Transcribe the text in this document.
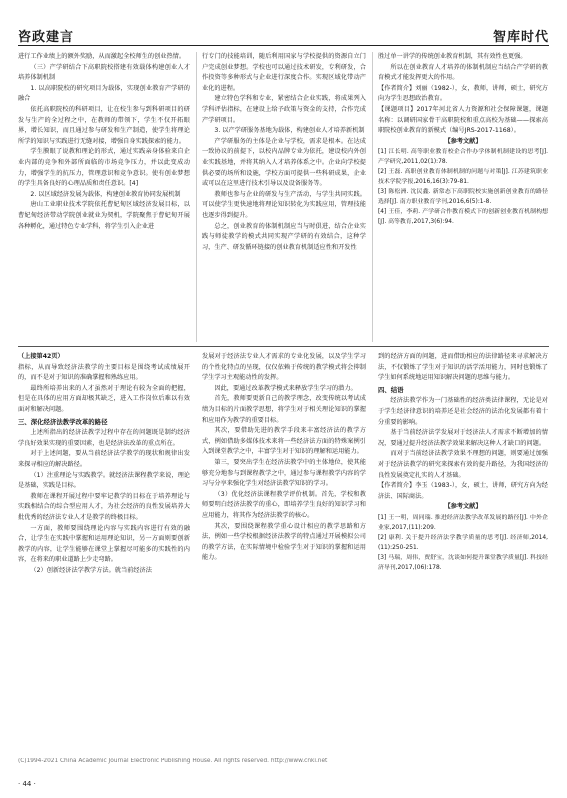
咨政建言	智库时代

进行工作业绩上的额外奖励，从而激起全校师生的创业热情。

（三）产学研结合下高职院校搭建有效载体构建创业人才培养体制机制

1. 以高职院校的研究项目为载体，实现创业教育产学研的融合

依托高职院校的科研项目，让在校生参与到科研项目的研发与生产的全过程之中，在教师的带领下，学生不仅开拓眼界，增长知识，而且通过参与研发和生产制造，使学生将理论所学的知识与实践进行无缝对接，增强自身实践探索的能力。

学生膜眼了说教和理论的形式，通过实践亲身体验来自企业内部的竞争和外部所面临的市场竞争压力，并以此变成动力，增强学生的抗压力，管理意识和竞争意识。使有创业梦想的学生具备良好的心理品质和责任意识。[4]

2. 以区域经济发展为载体，构建创业教育协同发展机制

唐山工业职业技术学院依托曹妃甸区域经济发展目标，以曹妃甸经济带动学院创业就业为契机，学院聚焦于曹妃甸开展各种孵化，通过特色专业学科，将学生引入企业进

行专门的技能培训，随后利用国家与学校提供的资源自立门户完成创业梦想。学校也可以通过技术研发，专利研发，合作投资等多种形式与企业进行深度合作。实现区域化带动产业化的进程。

建立特色学科和专业，紧密结合企业实践，将成果列入学科评估指标，在建设上给予政策与资金的支持，合作完成产学研项目。

3. 以产学研服务基地为载体，构建创业人才培养新机制

产学研服务的主体是企业与学校，需求是根本。在达成一致协议的前提下，以校内品牌专业为依托，建设校内外创业实践基地，并将其纳入人才培养体系之中。企业向学校提供必要的场所和设施，学校方面可提供一些科研成果，企业或可以在这里进行技术引导以及设备服务等。

教师也参与企业的研发与生产活动，与学生共同实践。可以使学生更快速地将理论知识转化为实践应用，管理技能也逐步得到提升。

总之，创业教育的体制机制应当与时俱进，结合企业实践与师徒教学的模式共同实现产学研的有效结合，这种学习，生产、研发循环链接的创业教育机制适应性和开发性

胜过单一讲学的传统创业教育机制，其有效性也更强。

所以在创业教育人才培养的体制机制应当结合产学研的教育模式才能发挥更大的作用。

【作者简介】刘丽（1982-），女，教师，讲师，硕士，研究方向为学生思想政治教育。

【课题项目】2017年河北省人力资源和社会保障课题，课题名称：以调研国家骨干高职院校和重点高校为基础——探索高职院校创业教育的新模式（编号JRS-2017-1168）。

【参考文献】

[1] 江长明. 高等职业教育校企合作办学体制机制建设的思考[J]. 产学研究,2011,02(1):78.

[2] 王磊. 高职创业教育体制机制的问题与对策[J]. 江苏建筑职业技术学院学报,2016,16(3):79-81.

[3] 陈松洲. 沈民鑫. 新常态下高职院校实施创新创业教育的路径选择[J]. 南方职业教育学刊,2016,6(5):1-8.

[4] 王佳，李莉. 产学研合作教育模式下的创新创业教育机制构想[J]. 高等教育,2017,3(6):94.

（上接第42页）

指标，从而导致经济法教学的主要目标是围绕考试成绩展开的，而不是对于知识的准确掌握和熟练应用。

最终所培养出来的人才虽然对于理论有较为全面的把握，但是在具体的应用方面却极其缺乏，进入工作岗位后难以有效面对和解决问题。

三、深化经济法教学改革的路径

上述所指出的经济法教学过程中存在的问题既是制约经济学良好效果实现的重要因素，也是经济法改革的重点所在。

对于上述问题，要从当前经济法学教学的现状和规律出发来探寻相应的解决路径。

（1）注重理论与实践教学。就经济法课程教学来说，理论是基础，实践是目标。

教师在课程开展过程中要牢记教学的目标在于培养理论与实践相结合的综合型应用人才，为社会经济的良性发展培养大批优秀的经济法专业人才是教学的终极目标。

一方面，教师要围绕理论内容与实践内容进行有效的融合，让学生在实践中掌握和运用理论知识，另一方面则要创新教学的内容，让学生能够在课堂上掌握尽可能多的实践性的内容，在将来的职业道路上少走弯路。

（2）创新经济法学教学方法。就当前经济法

发展对于经济法专业人才需求的专业化发展，以及学生学习的个性化特点的呈现，仅仅依赖于传统的教学模式将会抑制学生学习主观能动性的发挥。

因此，要通过改革教学模式来释放学生学习的潜力。

首先，教师要更新自己的教学理念，改变传统以考试成绩为目标的片面教学思想，将学生对于相关理论知识的掌握和应用作为教学的重要目标。

其次，要借助先进的教学手段来丰富经济法的教学方式，例如借助多媒体技术来将一些经济法方面的特殊案例引入到课堂教学之中，丰富学生对于知识的理解和运用能力。

第三，要突出学生在经济法教学中的主体地位，使其能够充分地参与到课程教学之中，通过参与课程教学内容的学习与分享来强化学生对经济法教学知识的学习。

（3）优化经济法课程教学评价机制。首先，学校和教师要明白经济法教学的重心，即培养学生良好的知识学习和应用能力，将其作为经济法教学的核心。

其次，要围绕课程教学重心设计相应的教学思路和方法，例如一些学校根据经济法教学的特点通过开展模拟公司的教学方法，在实际情境中检验学生对于知识的掌握和运用能力。

到的经济方面的问题，进而借助相应的法律路径来寻求解决方法，不仅锻炼了学生对于知识的活学活用能力，同时也锻炼了学生如何系统地运用知识解决问题的思维与能力。

四、结语

经济法教学作为一门基础性的经济类法律课程，无论是对于学生经济律意识的培养还是社会经济的法治化发展都有着十分重要的影响。

基于当前经济法学发展对于经济法人才需求不断增加的情况，要通过提升经济法教学效果来解决这种人才缺口的问题。

而对于当前经济法教学效果不理想的问题，则要通过加强对于经济法教学的研究来探索有效的提升路径，为我国经济的良性发展奠定扎实的人才基础。

【作者简介】李玉（1983-），女，硕士，讲师，研究方向为经济法、国际商法。

【参考文献】

[1] 王一明，周同瑞. 推进经济法教学改革发展的路径[J]. 中外企业家,2017,(11):209.

[2] 康利. 关于提升经济法学教学质量的思考[J]. 经济师,2014,(11):250-251.

[3] 马瑞，周伟，贾舒宝，沈谈如何提升课堂教学质量[J]. 科技经济导刊,2017,(06):178.

(C)1994-2021 China Academic Journal Electronic Publishing House. All rights reserved. http://www.cnki.net
· 44 ·
